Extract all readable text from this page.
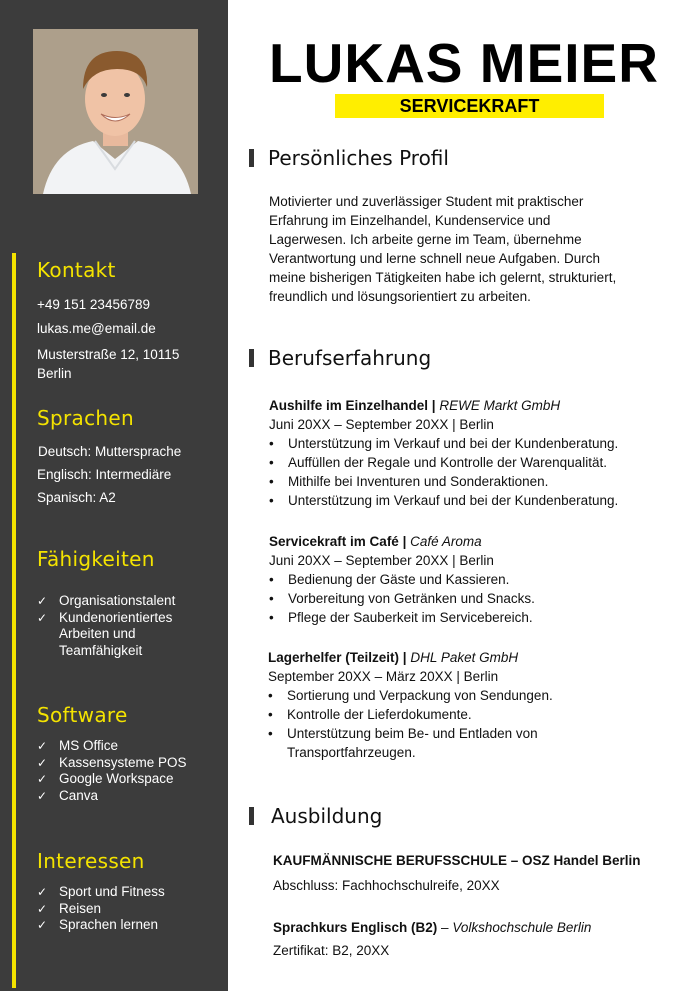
Kontakt
+49 151 23456789
lukas.me@email.de
Musterstraße 12, 10115
Berlin
Sprachen
Deutsch: Muttersprache
Englisch: Intermediäre
Spanisch: A2
Fähigkeiten
✓ Organisationstalent
✓ Kundenorientiertes
Arbeiten und
Teamfähigkeit
Software
✓ MS Office
✓ Kassensysteme POS
✓ Google Workspace
✓ Canva
Interessen
✓ Sport und Fitness
✓ Reisen
✓ Sprachen lernen
LUKAS MEIER
SERVICEKRAFT
Persönliches Profil

Motivierter und zuverlässiger Student mit praktischer
Erfahrung im Einzelhandel, Kundenservice und
Lagerwesen. Ich arbeite gerne im Team, übernehme
Verantwortung und lerne schnell neue Aufgaben. Durch
meine bisherigen Tätigkeiten habe ich gelernt, strukturiert,
freundlich und lösungsorientiert zu arbeiten.

Berufserfahrung
Aushilfe im Einzelhandel | REWE Markt GmbH
Juni 20XX – September 20XX | Berlin
•	Unterstützung im Verkauf und bei der Kundenberatung.
•	Auffüllen der Regale und Kontrolle der Warenqualität.
•	Mithilfe bei Inventuren und Sonderaktionen.
•	Unterstützung im Verkauf und bei der Kundenberatung.
Servicekraft im Café | Café Aroma
Juni 20XX – September 20XX | Berlin
•	Bedienung der Gäste und Kassieren.
•	Vorbereitung von Getränken und Snacks.
•	Pflege der Sauberkeit im Servicebereich.
Lagerhelfer (Teilzeit) | DHL Paket GmbH
September 20XX – März 20XX | Berlin
•	Sortierung und Verpackung von Sendungen.
•	Kontrolle der Lieferdokumente.
•	Unterstützung beim Be- und Entladen von
Transportfahrzeugen.
Ausbildung
KAUFMÄNNISCHE BERUFSSCHULE – OSZ Handel Berlin
Abschluss: Fachhochschulreife, 20XX
Sprachkurs Englisch (B2) – Volkshochschule Berlin
Zertifikat: B2, 20XX
